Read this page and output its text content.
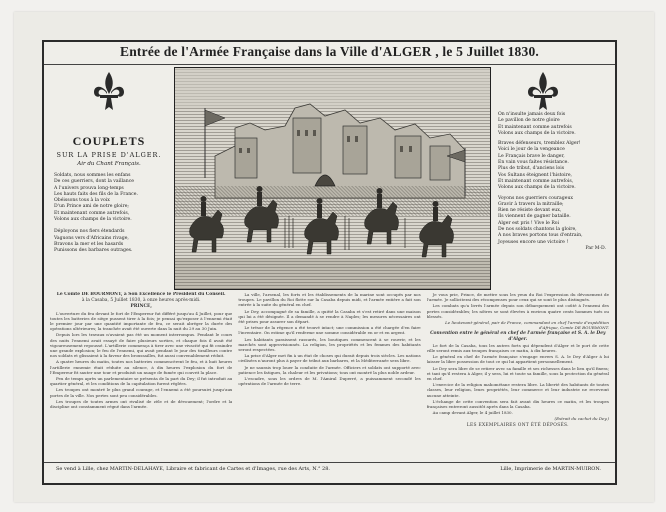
Entrée de l'Armée Française dans la Ville d'ALGER , le 5 Juillet 1830.
COUPLETS
SUR LA PRISE D'ALGER.
Air du Chant Français.
Soldats, nous sommes les enfans
De ces guerriers, dont la vaillance
A l'univers prouva long-temps
Les hauts faits des fils de la France.
Obéissons tous à la voix
D'un Prince ami de notre gloire;
Et maintenant comme autrefois,
Volons aux champs de la victoire.
Déployons nos fiers étendards
Vaguons vers d'Africains rivage,
Bravons la mer et les hasards
Punissons des barbares outrages.
On n'insulte jamais deux fois
Le pavillon de notre gloire
Et maintenant comme autrefois
Volons aux champs de la victoire.
Braves défenseurs, tremblez Alger!
Voici le jour de la vengeance
Le Français brave le danger,
En vain vous faites résistance.
Plus de tribut, d'anciens lois
Vos Sultans éteignent l'histoire,
Et maintenant comme autrefois,
Volons aux champs de la victoire.
Voyons nos guerriers courageux
Gravir à travers la mitraille;
Rien ne résiste devant eux,
Ils viennent de gagner bataille.
Alger est pris ! Vive le Roi
De nos soldats chantons la gloire,
A nos braves portons tous d'entrain,
Joyeuses encore une victoire !
Par M-D.

Le Comte DE BOURMONT, à Son Excellence le Président du Conseil.

à la Casaba, 5 Juillet 1830, à onze heures après-midi.

PRINCE,

L'ouverture du feu devant le fort de l'Empereur fut différé jusqu'au 4 Juillet, pour que toutes les batteries de siège pussent tirer à la fois; je pensai qu'exposer à l'ennemi était le premier jour par une quantité importante de feu, ce serait abréger la durée des opérations ultérieures; la tranchée avait été ouverte dans la nuit du 29 au 30 Juin.

Depuis lors les travaux n'avaient pas été un moment interrompus. Pendant le cours des nuits l'ennemi avait essayé de faire plusieurs sorties, et chaque fois il avait été vigoureusement repoussé. L'artillerie commença à tirer avec une vivacité qui fit craindre une grande explosion; le feu de l'ennemi, qui avait pendant le jour des tirailleurs contre nos soldats et glissaient à la faveur des broussailles, fut aussi convenablement réduit.

A quatre heures du matin, toutes nos batteries commencèrent le feu, et à huit heures l'artillerie ennemie était réduite au silence, à dix heures l'explosion du fort de l'Empereur fit sauter une tour et produisit un nuage de fumée qui couvrit la place.

Peu de temps après un parlementaire se présenta de la part du Dey; il fut introduit au quartier général, et les conditions de la capitulation furent réglées.

Les troupes ont montré le plus grand courage, et l'ennemi a été poursuivi jusqu'aux portes de la ville. Nos pertes sont peu considérables.

Les troupes de toutes armes ont rivalisé de zèle et de dévouement; l'ordre et la discipline ont constamment régné dans l'armée.

La ville, l'arsenal, les forts et les établissements de la marine sont occupés par nos troupes. Le pavillon du Roi flotte sur la Casaba depuis midi, et l'armée entière a fait son entrée à la suite du général en chef.

Le Dey, accompagné de sa famille, a quitté la Casaba et s'est retiré dans une maison qui lui a été désignée. Il a demandé à se rendre à Naples; les mesures nécessaires ont été prises pour assurer son départ.

Le trésor de la régence a été trouvé intact; une commission a été chargée d'en faire l'inventaire. On estime qu'il renferme une somme considérable en or et en argent.

Les habitants paraissent rassurés, les boutiques commencent à se rouvrir, et les marchés sont approvisionnés. La religion, les propriétés et les femmes des habitants seront respectées.

La prise d'Alger met fin à un état de choses qui durait depuis trois siècles. Les nations civilisées n'auront plus à payer de tribut aux barbares, et la Méditerranée sera libre.

Je ne saurais trop louer la conduite de l'armée. Officiers et soldats ont supporté avec patience les fatigues, la chaleur et les privations; tous ont montré la plus noble ardeur.

L'escadre, sous les ordres de M. l'Amiral Duperré, a puissamment secondé les opérations de l'armée de terre.

Je vous prie, Prince, de mettre sous les yeux du Roi l'expression du dévouement de l'armée. Je solliciterai des récompenses pour ceux qui se sont le plus distingués.

Les combats qu'a livrés l'armée depuis son débarquement ont coûté à l'ennemi des pertes considérables; les nôtres se sont élevées à environ quatre cents hommes tués ou blessés.

Le lieutenant-général, pair de France, commandant en chef l'armée d'expédition d'Afrique, Comte DE BOURMONT.

Convention entre le général en chef de l'armée française et S. A. le Dey d'Alger.

Le fort de la Casaba, tous les autres forts qui dépendent d'Alger et le port de cette ville seront remis aux troupes françaises ce matin, à dix heures.

Le général en chef de l'armée française s'engage envers S. A. le Dey d'Alger à lui laisser la libre possession de tout ce qui lui appartient personnellement.

Le Dey sera libre de se retirer avec sa famille et ses richesses dans le lieu qu'il fixera; et tant qu'il restera à Alger, il y sera, lui et toute sa famille, sous la protection du général en chef.

L'exercice de la religion mahométane restera libre. La liberté des habitants de toutes classes, leur religion, leurs propriétés, leur commerce et leur industrie ne recevront aucune atteinte.

L'échange de cette convention sera fait avant dix heures ce matin, et les troupes françaises entreront aussitôt après dans la Casaba.

Au camp devant Alger, le 4 juillet 1830.

(Extrait du cachet du Dey.)

LES EXEMPLAIRES ONT ÉTÉ DÉPOSÉS.

Se vend à Lille, chez MARTIN-DELAHAYE, Libraire et fabricant de Cartes et d'Images, rue des Arts, N.° 28.	Lille, Imprimerie de MARTIN-MUIRON.
